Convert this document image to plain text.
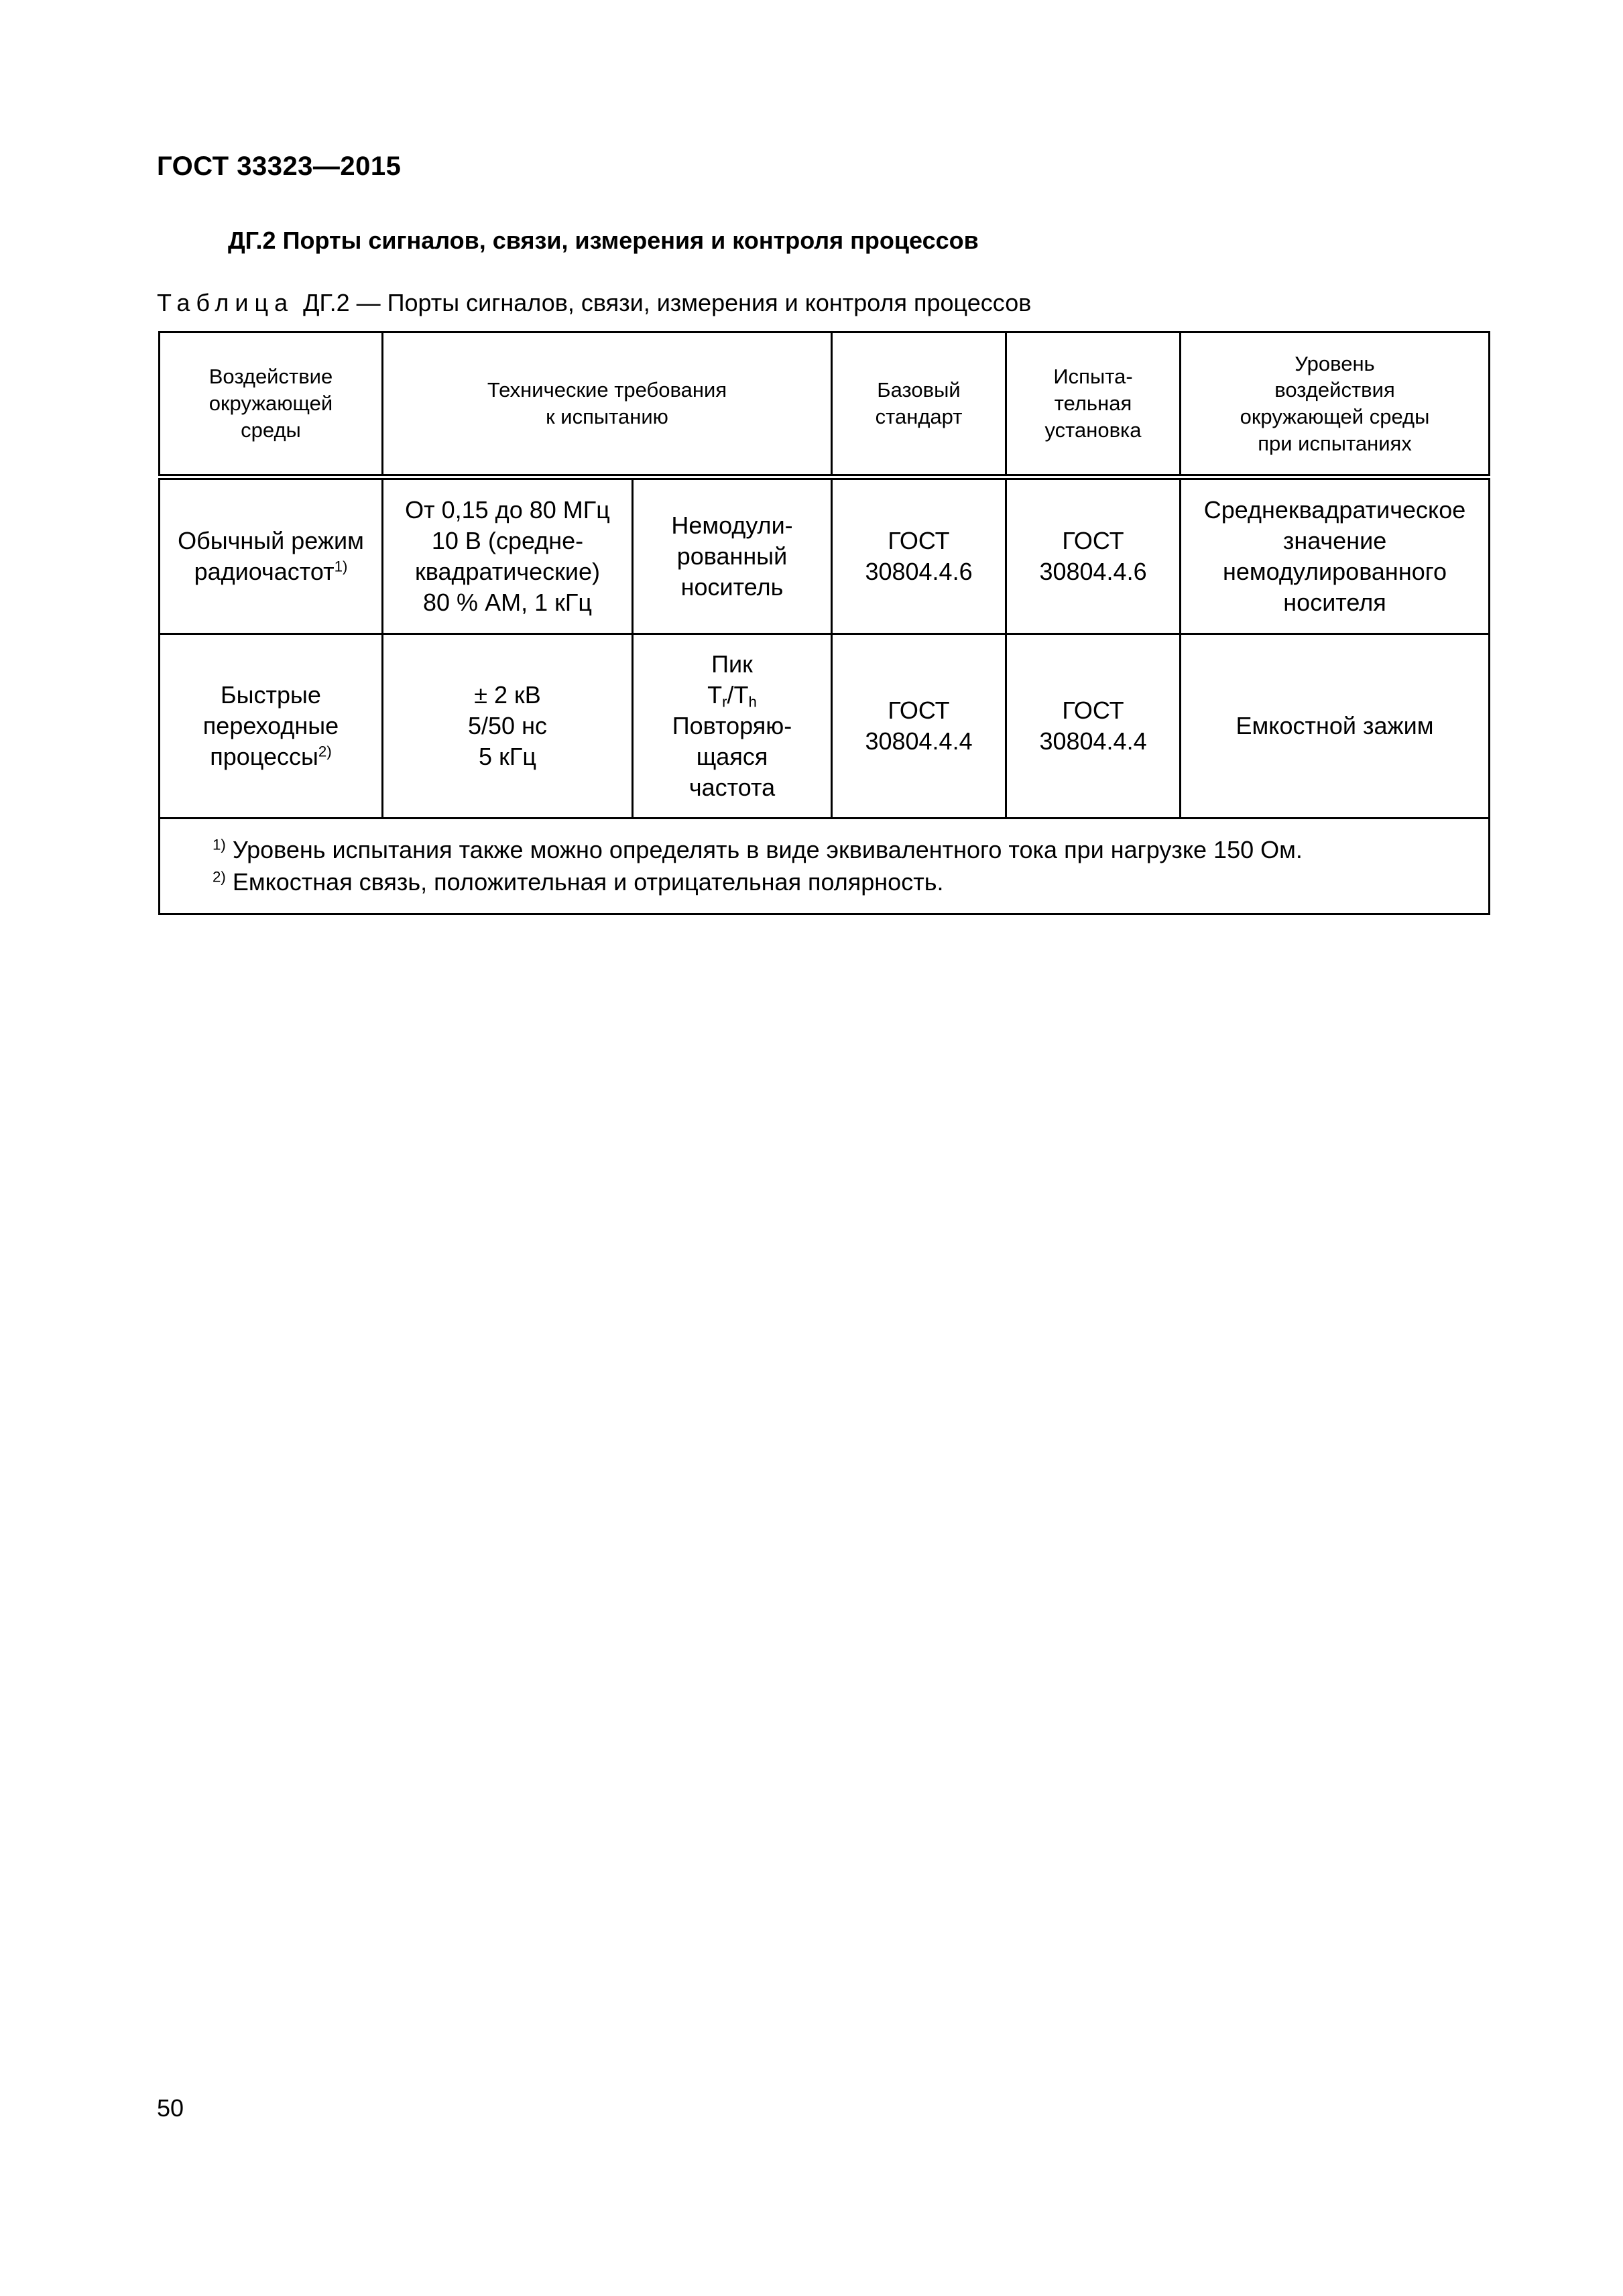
ГОСТ 33323—2015
ДГ.2 Порты сигналов, связи, измерения и контроля процессов
Таблица ДГ.2 — Порты сигналов, связи, измерения и контроля процессов
Воздействие
окружающей
среды	Технические требования
к испытанию		Базовый
стандарт	Испыта-
тельная
установка	Уровень
воздействия
окружающей среды
при испытаниях

Обычный режим
радиочастот$^{1)}$	От 0,15 до 80 МГц
10 В (средне-
квадратические)
80 % АМ, 1 кГц	Немодули-
рованный
носитель	ГОСТ
30804.4.6	ГОСТ
30804.4.6	Среднеквадратическое
значение
немодулированного
носителя

Быстрые
переходные
процессы$^{2)}$	± 2 кВ
5/50 нс
5 кГц	Пик
$T_r/T_h$
Повторяю-
щаяся
частота	ГОСТ
30804.4.4	ГОСТ
30804.4.4	Емкостной зажим

$^{1)}$ Уровень испытания также можно определять в виде эквивалентного тока при нагрузке 150 Ом.
$^{2)}$ Емкостная связь, положительная и отрицательная полярность.					
50
